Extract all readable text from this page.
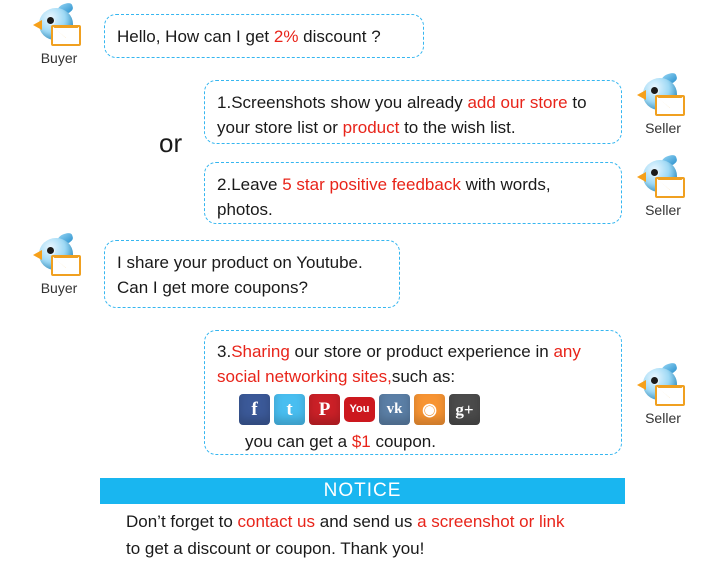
Buyer
Hello, How can I get 2% discount ?
or
1.Screenshots show you already add our store to your store list or product to the wish list.	Seller
2.Leave 5 star positive feedback with words, photos.	Seller
Buyer
I share your product on Youtube.
Can I get more coupons?
3.Sharing our store or product experience in any social networking sites,such as:
f	t	P	You	vk	◉	g+
you can get a $1 coupon.
Seller
NOTICE
Don’t forget to contact us and send us a screenshot or link
to get a discount or coupon. Thank you!
